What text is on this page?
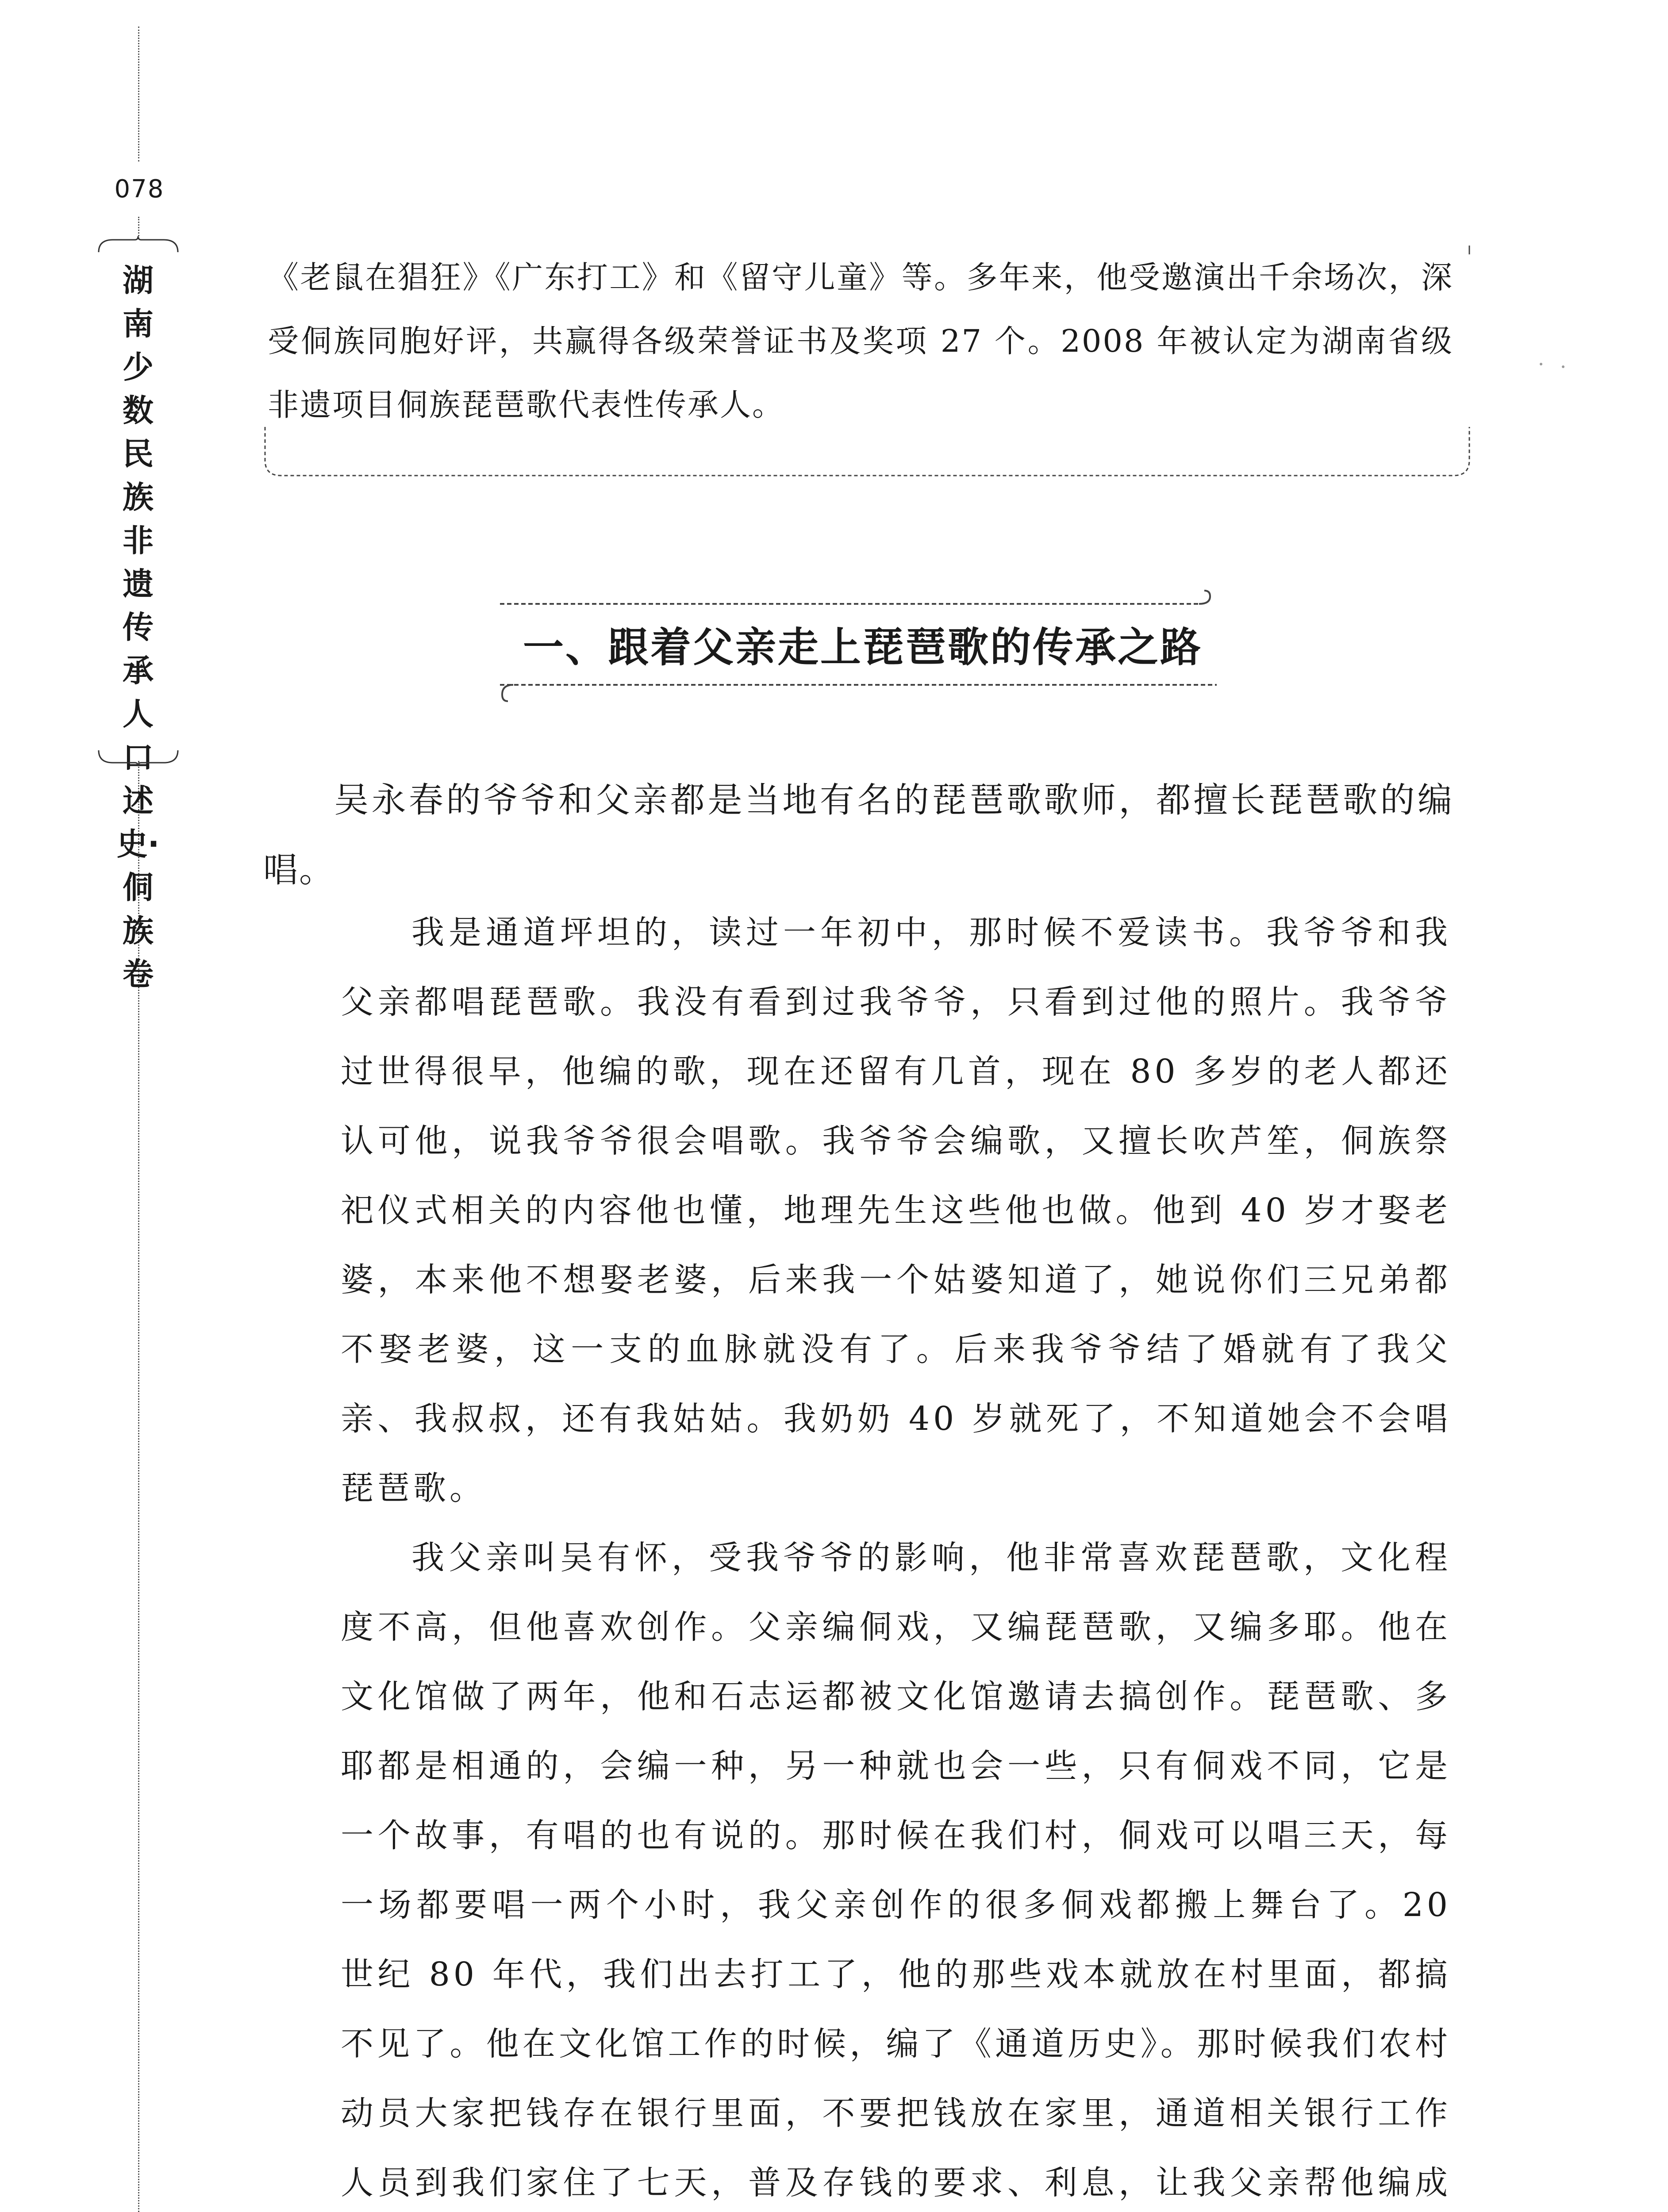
078
湖南少数民族非遗传承人口述史·侗族卷
《老鼠在猖狂》《广东打工》和《留守儿童》等。多年来，他受邀演出千余场次，深受侗族同胞好评，共赢得各级荣誉证书及奖项 27 个。2008 年被认定为湖南省级非遗项目侗族琵琶歌代表性传承人。
一、跟着父亲走上琵琶歌的传承之路
吴永春的爷爷和父亲都是当地有名的琵琶歌歌师，都擅长琵琶歌的编唱。

我是通道坪坦的，读过一年初中，那时候不爱读书。我爷爷和我父亲都唱琵琶歌。我没有看到过我爷爷，只看到过他的照片。我爷爷过世得很早，他编的歌，现在还留有几首，现在 80 多岁的老人都还认可他，说我爷爷很会唱歌。我爷爷会编歌，又擅长吹芦笙，侗族祭祀仪式相关的内容他也懂，地理先生这些他也做。他到 40 岁才娶老婆，本来他不想娶老婆，后来我一个姑婆知道了，她说你们三兄弟都不娶老婆，这一支的血脉就没有了。后来我爷爷结了婚就有了我父亲、我叔叔，还有我姑姑。我奶奶 40 岁就死了，不知道她会不会唱琵琶歌。

我父亲叫吴有怀，受我爷爷的影响，他非常喜欢琵琶歌，文化程度不高，但他喜欢创作。父亲编侗戏，又编琵琶歌，又编多耶。他在文化馆做了两年，他和石志运都被文化馆邀请去搞创作。琵琶歌、多耶都是相通的，会编一种，另一种就也会一些，只有侗戏不同，它是一个故事，有唱的也有说的。那时候在我们村，侗戏可以唱三天，每一场都要唱一两个小时，我父亲创作的很多侗戏都搬上舞台了。20 世纪 80 年代，我们出去打工了，他的那些戏本就放在村里面，都搞不见了。他在文化馆工作的时候，编了《通道历史》。那时候我们农村动员大家把钱存在银行里面，不要把钱放在家里，通道相关银行工作人员到我们家住了七天，普及存钱的要求、利息，让我父亲帮他编成
